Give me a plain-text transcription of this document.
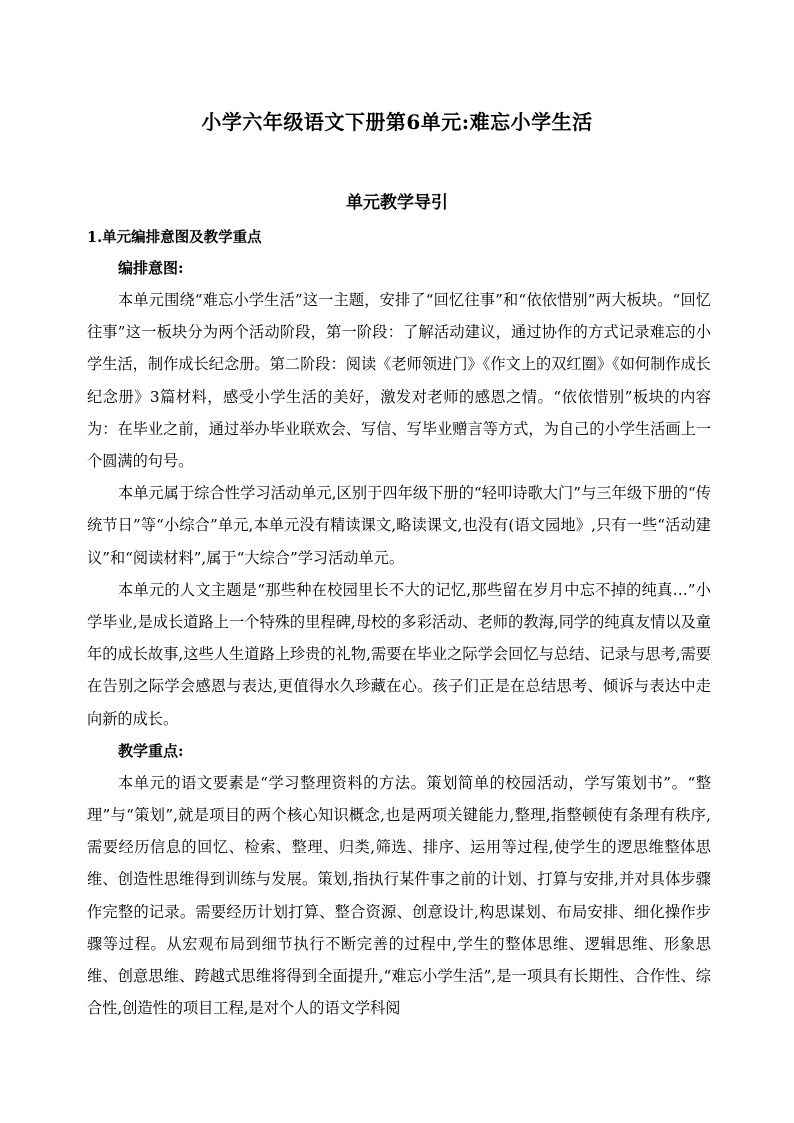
小学六年级语文下册第6单元:难忘小学生活
单元教学导引

1.单元编排意图及教学重点

编排意图:

本单元围绕“难忘小学生活”这一主题，安排了“回忆往事”和“依依惜别”两大板块。“回忆往事”这一板块分为两个活动阶段，第一阶段：了解活动建议，通过协作的方式记录难忘的小学生活，制作成长纪念册。第二阶段：阅读《老师领进门》《作文上的双红圈》《如何制作成长纪念册》3篇材料，感受小学生活的美好，激发对老师的感恩之情。“依依惜别”板块的内容为：在毕业之前，通过举办毕业联欢会、写信、写毕业赠言等方式，为自己的小学生活画上一个圆满的句号。

本单元属于综合性学习活动单元,区别于四年级下册的“轻叩诗歌大门”与三年级下册的“传统节日”等“小综合”单元,本单元没有精读课文,略读课文,也没有(语文园地》,只有一些“活动建议”和“阅读材料”,属于“大综合”学习活动单元。

本单元的人文主题是“那些种在校园里长不大的记忆,那些留在岁月中忘不掉的纯真…”小学毕业,是成长道路上一个特殊的里程碑,母校的多彩活动、老师的教海,同学的纯真友情以及童年的成长故事,这些人生道路上珍贵的礼物,需要在毕业之际学会回忆与总结、记录与思考,需要在告别之际学会感恩与表达,更值得水久珍藏在心。孩子们正是在总结思考、倾诉与表达中走向新的成长。

教学重点:

本单元的语文要素是“学习整理资料的方法。策划简单的校园活动，学写策划书”。“整理”与“策划”,就是项目的两个核心知识概念,也是两项关键能力,整理,指整顿使有条理有秩序,需要经历信息的回忆、检索、整理、归类,筛选、排序、运用等过程,使学生的逻思维整体思维、创造性思维得到训练与发展。策划,指执行某件事之前的计划、打算与安排,并对具体步骤作完整的记录。需要经历计划打算、整合资源、创意设计,构思谋划、布局安排、细化操作步骤等过程。从宏观布局到细节执行不断完善的过程中,学生的整体思维、逻辑思维、形象思维、创意思维、跨越式思维将得到全面提升,“难忘小学生活”,是一项具有长期性、合作性、综合性,创造性的项目工程,是对个人的语文学科阅
